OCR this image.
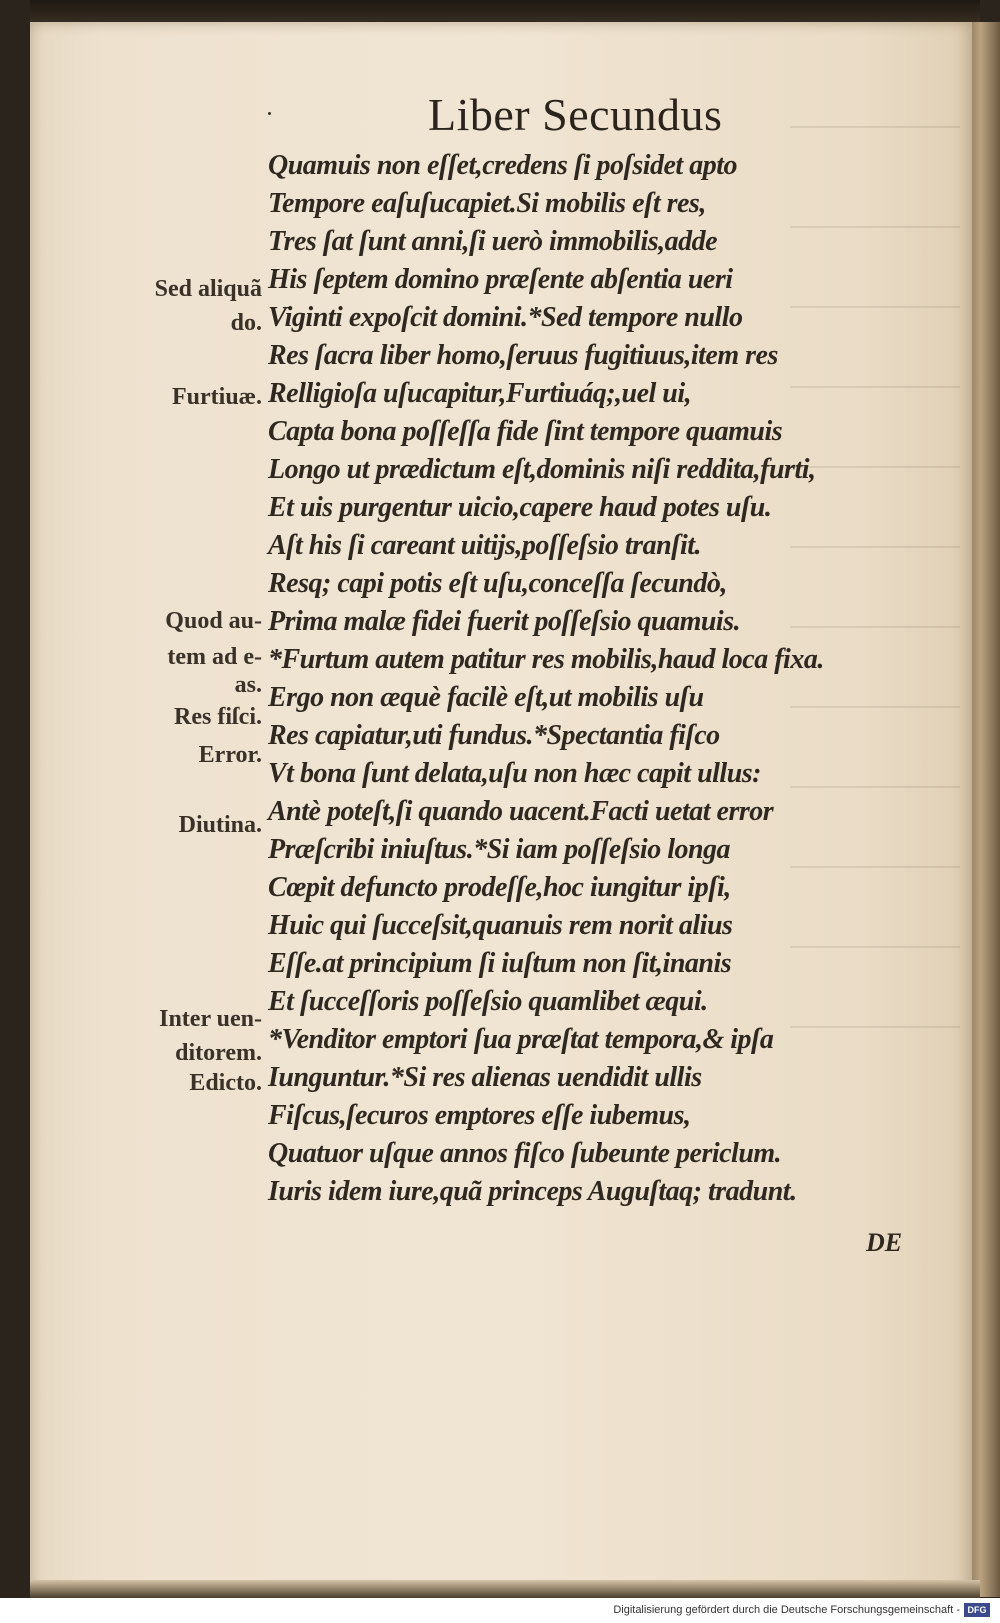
Liber Secundus
Quamuis non eſſet,credens ſi poſsidet apto
Tempore eaſuſucapiet.Si mobilis eſt res,
Tres ſat ſunt anni,ſi uerò immobilis,adde
His ſeptem domino præſente abſentia ueri
Viginti expoſcit domini.*Sed tempore nullo
Res ſacra liber homo,ſeruus fugitiuus,item res
Relligioſa uſucapitur,Furtiuáq;,uel ui,
Capta bona poſſeſſa fide ſint tempore quamuis
Longo ut prædictum eſt,dominis niſi reddita,furti,
Et uis purgentur uicio,capere haud potes uſu.
Aſt his ſi careant uitijs,poſſeſsio tranſit.
Resq; capi potis eſt uſu,conceſſa ſecundò,
Prima malæ fidei fuerit poſſeſsio quamuis.
*Furtum autem patitur res mobilis,haud loca fixa.
Ergo non æquè facilè eſt,ut mobilis uſu
Res capiatur,uti fundus.*Spectantia fiſco
Vt bona ſunt delata,uſu non hæc capit ullus:
Antè poteſt,ſi quando uacent.Facti uetat error
Præſcribi iniuſtus.*Si iam poſſeſsio longa
Cœpit defuncto prodeſſe,hoc iungitur ipſi,
Huic qui ſucceſsit,quanuis rem norit alius
Eſſe.at principium ſi iuſtum non ſit,inanis
Et ſucceſſoris poſſeſsio quamlibet æqui.
*Venditor emptori ſua præſtat tempora,& ipſa
Iunguntur.*Si res alienas uendidit ullis
Fiſcus,ſecuros emptores eſſe iubemus,
Quatuor uſque annos fiſco ſubeunte periclum.
Iuris idem iure,quã princeps Auguſtaq; tradunt.
Sed aliquã
do.
Furtiuæ.
Quod au-
tem ad e-
as.
Res fiſci.
Error.
Diutina.
Inter uen-
ditorem.
Edicto.
DE
Digitalisierung gefördert durch die Deutsche Forschungsgemeinschaft - DFG
